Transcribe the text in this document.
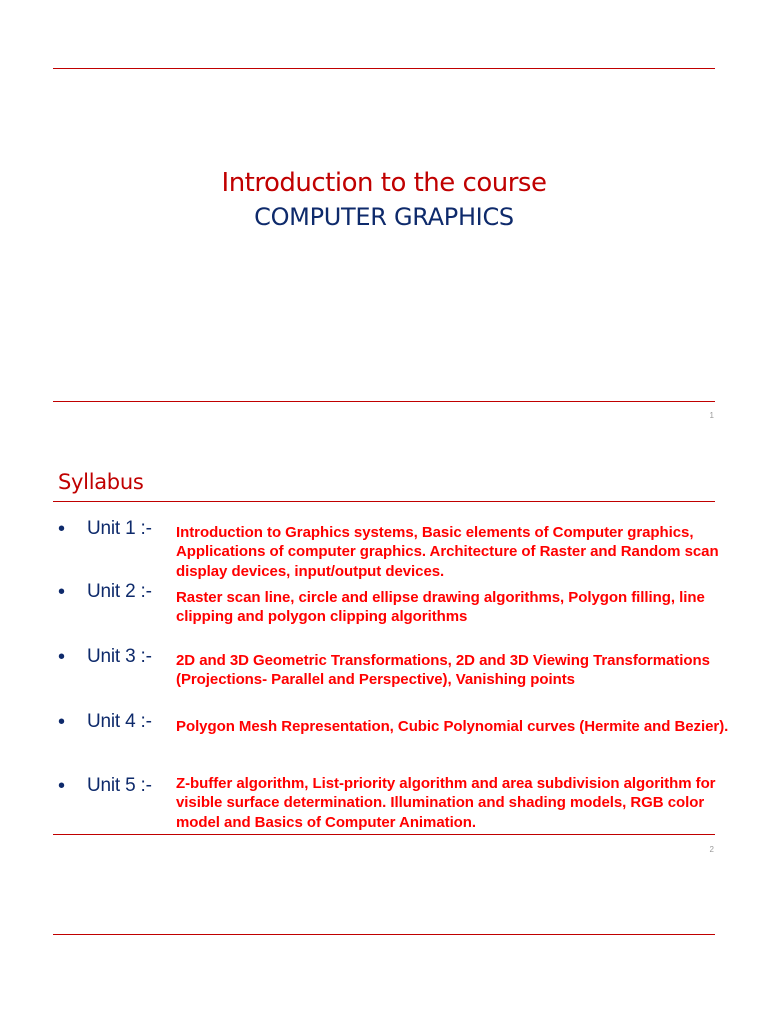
Introduction to the course
COMPUTER GRAPHICS
1
Syllabus
• Unit 1 :- Introduction to Graphics systems, Basic elements of Computer graphics, Applications of computer graphics. Architecture of Raster and Random scan display devices, input/output devices.
• Unit 2 :- Raster scan line, circle and ellipse drawing algorithms, Polygon filling, line clipping and polygon clipping algorithms
• Unit 3 :- 2D and 3D Geometric Transformations, 2D and 3D Viewing Transformations (Projections- Parallel and Perspective), Vanishing points
• Unit 4 :- Polygon Mesh Representation, Cubic Polynomial curves (Hermite and Bezier).
• Unit 5 :- Z-buffer algorithm, List-priority algorithm and area subdivision algorithm for visible surface determination. Illumination and shading models, RGB color model and Basics of Computer Animation.
2
